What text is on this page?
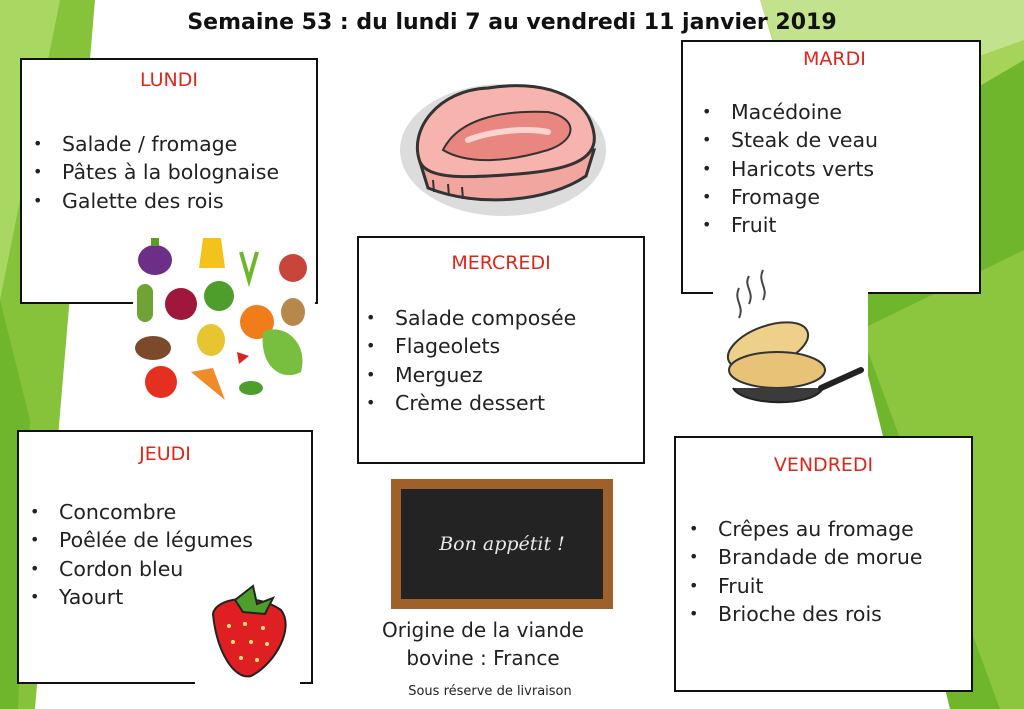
Semaine 53 : du lundi 7 au vendredi 11 janvier 2019
LUNDI
• Salade / fromage
• Pâtes à la bolognaise
• Galette des rois
MARDI
• Macédoine
• Steak de veau
• Haricots verts
• Fromage
• Fruit
MERCREDI
• Salade composée
• Flageolets
• Merguez
• Crème dessert
JEUDI
• Concombre
• Poêlée de légumes
• Cordon bleu
• Yaourt
VENDREDI
• Crêpes au fromage
• Brandade de morue
• Fruit
• Brioche des rois
Bon appétit !
Origine de la viande
bovine : France
Sous réserve de livraison
